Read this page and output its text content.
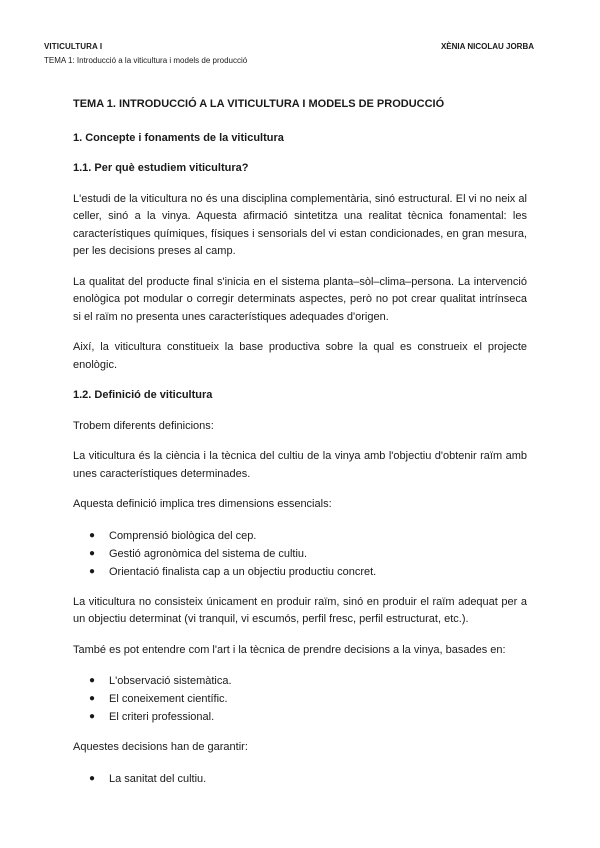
VITICULTURA I
TEMA 1: Introducció a la viticultura i models de producció
XÈNIA NICOLAU JORBA
TEMA 1. INTRODUCCIÓ A LA VITICULTURA I MODELS DE PRODUCCIÓ
1. Concepte i fonaments de la viticultura
1.1. Per què estudiem viticultura?

L'estudi de la viticultura no és una disciplina complementària, sinó estructural. El vi no neix al celler, sinó a la vinya. Aquesta afirmació sintetitza una realitat tècnica fonamental: les característiques químiques, físiques i sensorials del vi estan condicionades, en gran mesura, per les decisions preses al camp.

La qualitat del producte final s'inicia en el sistema planta–sòl–clima–persona. La intervenció enològica pot modular o corregir determinats aspectes, però no pot crear qualitat intrínseca si el raïm no presenta unes característiques adequades d'origen.

Així, la viticultura constitueix la base productiva sobre la qual es construeix el projecte enològic.

1.2. Definició de viticultura

Trobem diferents definicions:

La viticultura és la ciència i la tècnica del cultiu de la vinya amb l'objectiu d'obtenir raïm amb unes característiques determinades.

Aquesta definició implica tres dimensions essencials:

● Comprensió biològica del cep.
● Gestió agronòmica del sistema de cultiu.
● Orientació finalista cap a un objectiu productiu concret.

La viticultura no consisteix únicament en produir raïm, sinó en produir el raïm adequat per a un objectiu determinat (vi tranquil, vi escumós, perfil fresc, perfil estructurat, etc.).

També es pot entendre com l'art i la tècnica de prendre decisions a la vinya, basades en:

● L'observació sistemàtica.
● El coneixement científic.
● El criteri professional.

Aquestes decisions han de garantir:

● La sanitat del cultiu.
